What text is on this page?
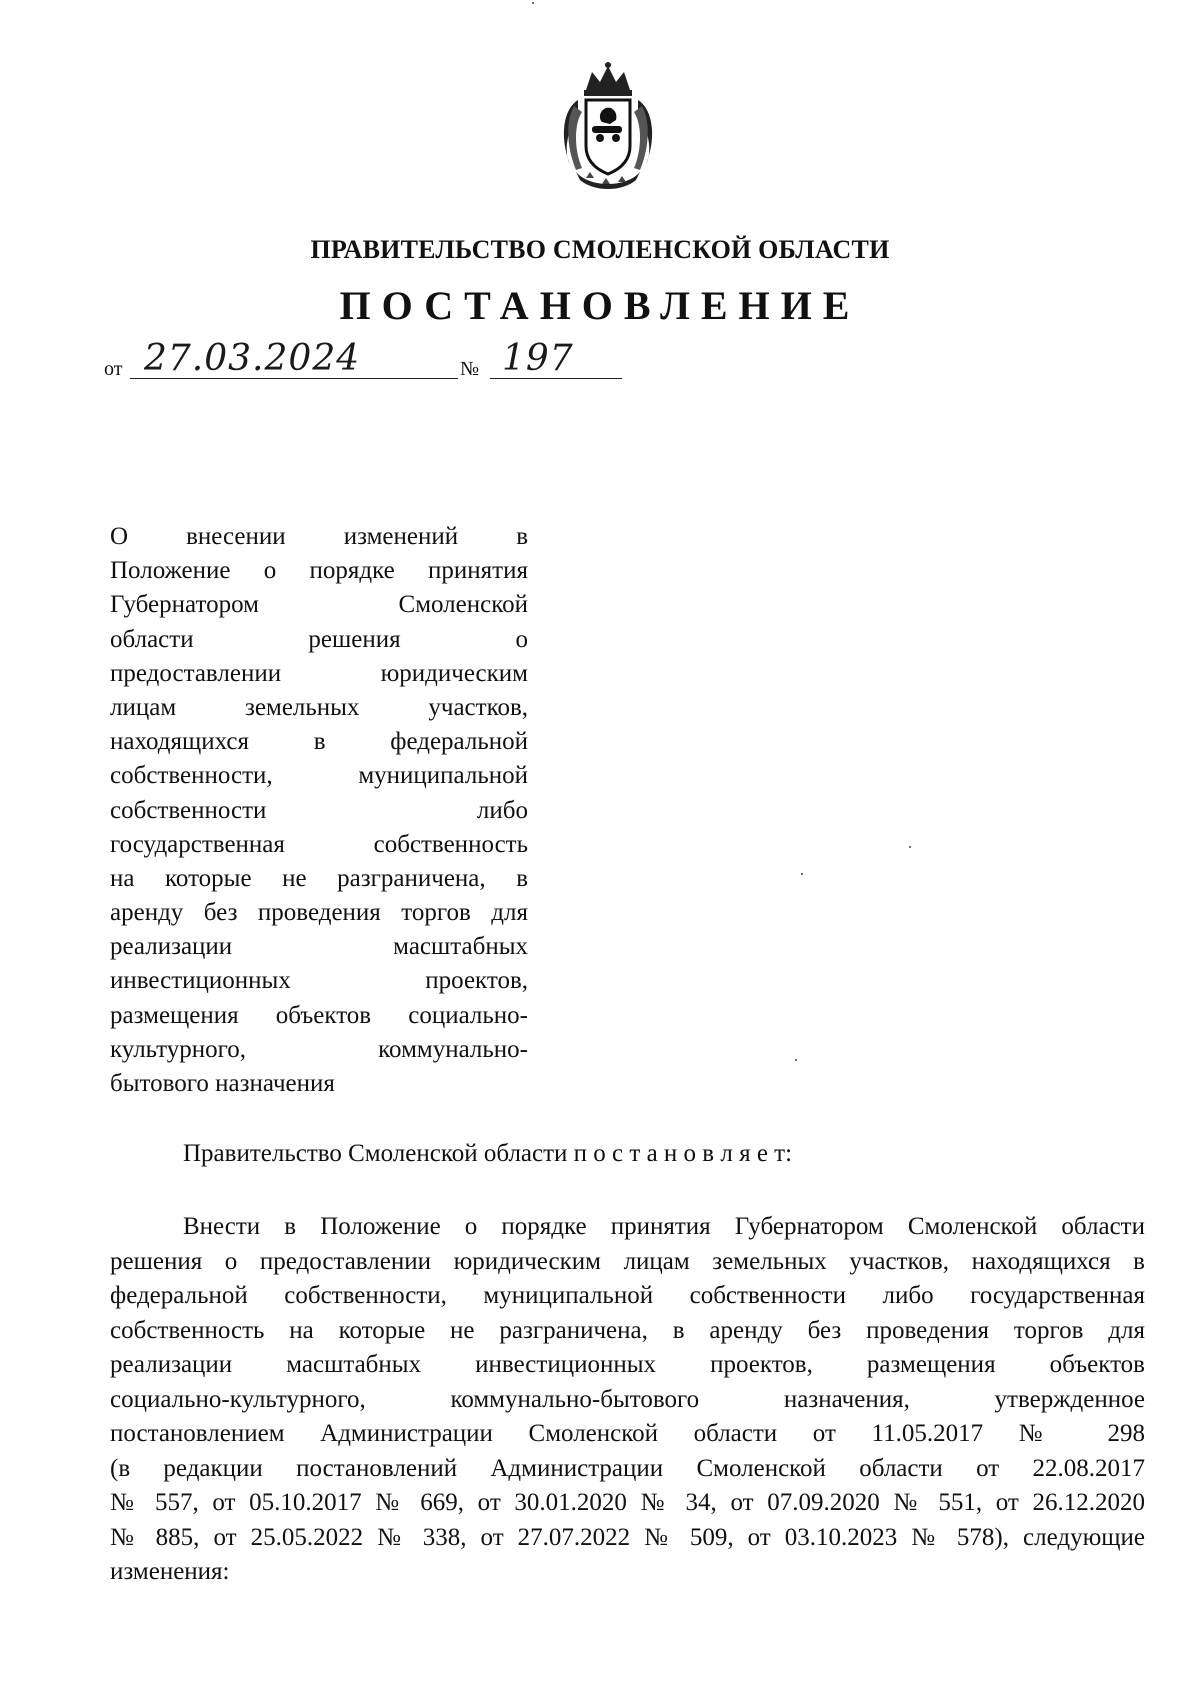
ПРАВИТЕЛЬСТВО СМОЛЕНСКОЙ ОБЛАСТИ
ПОСТАНОВЛЕНИЕ
от 27.03.2024	№ 197
О внесении изменений в
Положение о порядке принятия
Губернатором Смоленской
области решения о
предоставлении юридическим
лицам земельных участков,
находящихся в федеральной
собственности, муниципальной
собственности либо
государственная собственность
на которые не разграничена, в
аренду без проведения торгов для
реализации масштабных
инвестиционных проектов,
размещения объектов социально-
культурного, коммунально-
бытового назначения
Правительство Смоленской области п о с т а н о в л я е т:
Внести в Положение о порядке принятия Губернатором Смоленской области
решения о предоставлении юридическим лицам земельных участков, находящихся в
федеральной собственности, муниципальной собственности либо государственная
собственность на которые не разграничена, в аренду без проведения торгов для
реализации масштабных инвестиционных проектов, размещения объектов
социально-культурного, коммунально-бытового назначения, утвержденное
постановлением Администрации Смоленской области от 11.05.2017 № 298
(в редакции постановлений Администрации Смоленской области от 22.08.2017
№ 557, от 05.10.2017 № 669, от 30.01.2020 № 34, от 07.09.2020 № 551, от 26.12.2020
№ 885, от 25.05.2022 № 338, от 27.07.2022 № 509, от 03.10.2023 № 578), следующие
изменения:
